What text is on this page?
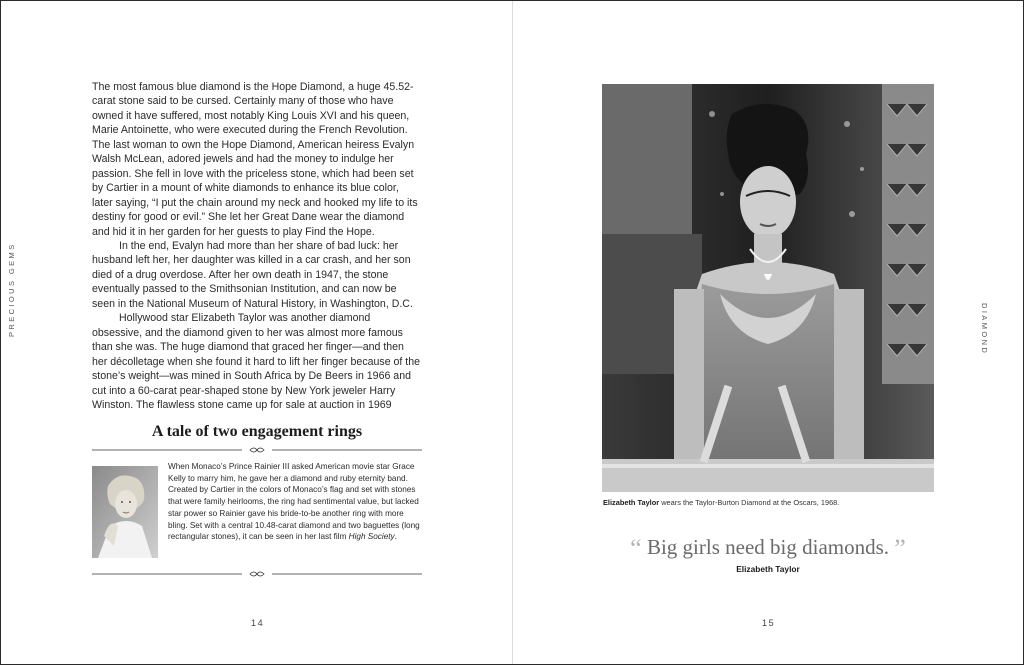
PRECIOUS GEMS

The most famous blue diamond is the Hope Diamond, a huge 45.52-carat stone said to be cursed. Certainly many of those who have owned it have suffered, most notably King Louis XVI and his queen, Marie Antoinette, who were executed during the French Revolution. The last woman to own the Hope Diamond, American heiress Evalyn Walsh McLean, adored jewels and had the money to indulge her passion. She fell in love with the priceless stone, which had been set by Cartier in a mount of white diamonds to enhance its blue color, later saying, “I put the chain around my neck and hooked my life to its destiny for good or evil.” She let her Great Dane wear the diamond and hid it in her garden for her guests to play Find the Hope.

In the end, Evalyn had more than her share of bad luck: her husband left her, her daughter was killed in a car crash, and her son died of a drug overdose. After her own death in 1947, the stone eventually passed to the Smithsonian Institution, and can now be seen in the National Museum of Natural History, in Washington, D.C.

Hollywood star Elizabeth Taylor was another diamond obsessive, and the diamond given to her was almost more famous than she was. The huge diamond that graced her finger—and then her décolletage when she found it hard to lift her finger because of the stone’s weight—was mined in South Africa by De Beers in 1966 and cut into a 60-carat pear-shaped stone by New York jeweler Harry Winston. The flawless stone came up for sale at auction in 1969

A tale of two engagement rings
When Monaco’s Prince Rainier III asked American movie star Grace Kelly to marry him, he gave her a diamond and ruby eternity band. Created by Cartier in the colors of Monaco’s flag and set with stones that were family heirlooms, the ring had sentimental value, but lacked star power so Rainier gave his bride-to-be another ring with more bling. Set with a central 10.48-carat diamond and two baguettes (long rectangular stones), it can be seen in her last film High Society.
14
DIAMOND
Elizabeth Taylor wears the Taylor-Burton Diamond at the Oscars, 1968.
“ Big girls need big diamonds. ”
Elizabeth Taylor
15
